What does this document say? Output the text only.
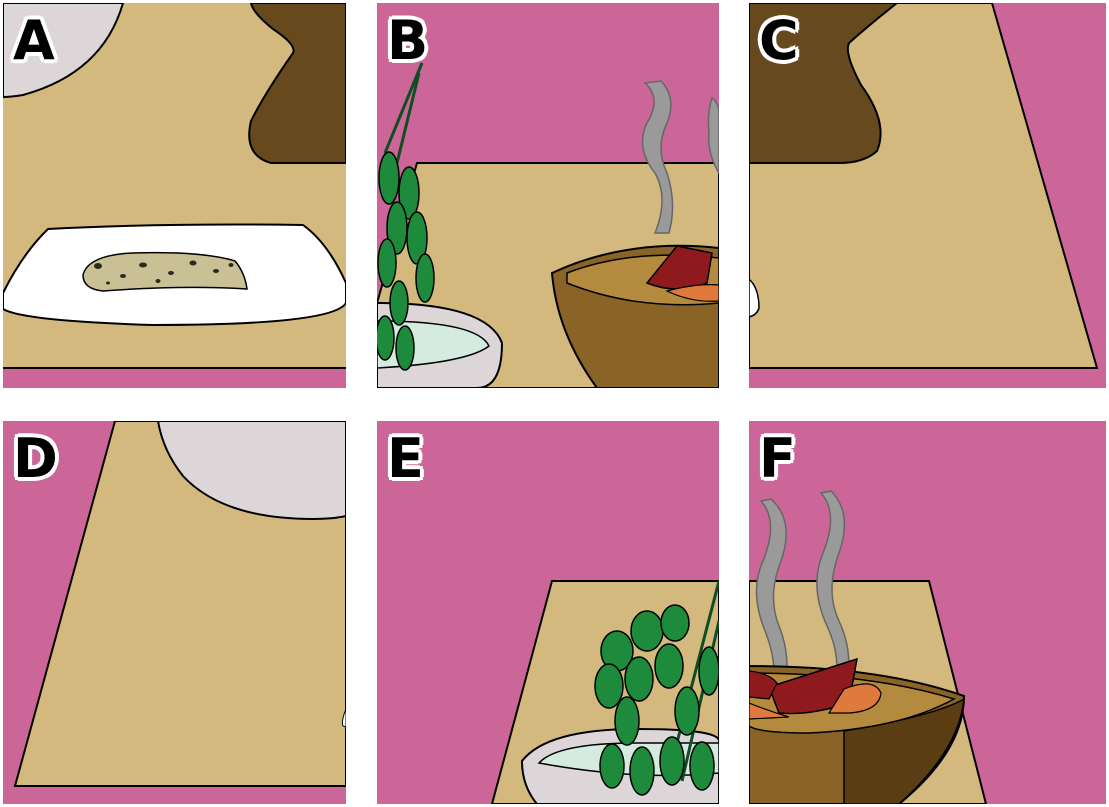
A	B	C
D	E	F
